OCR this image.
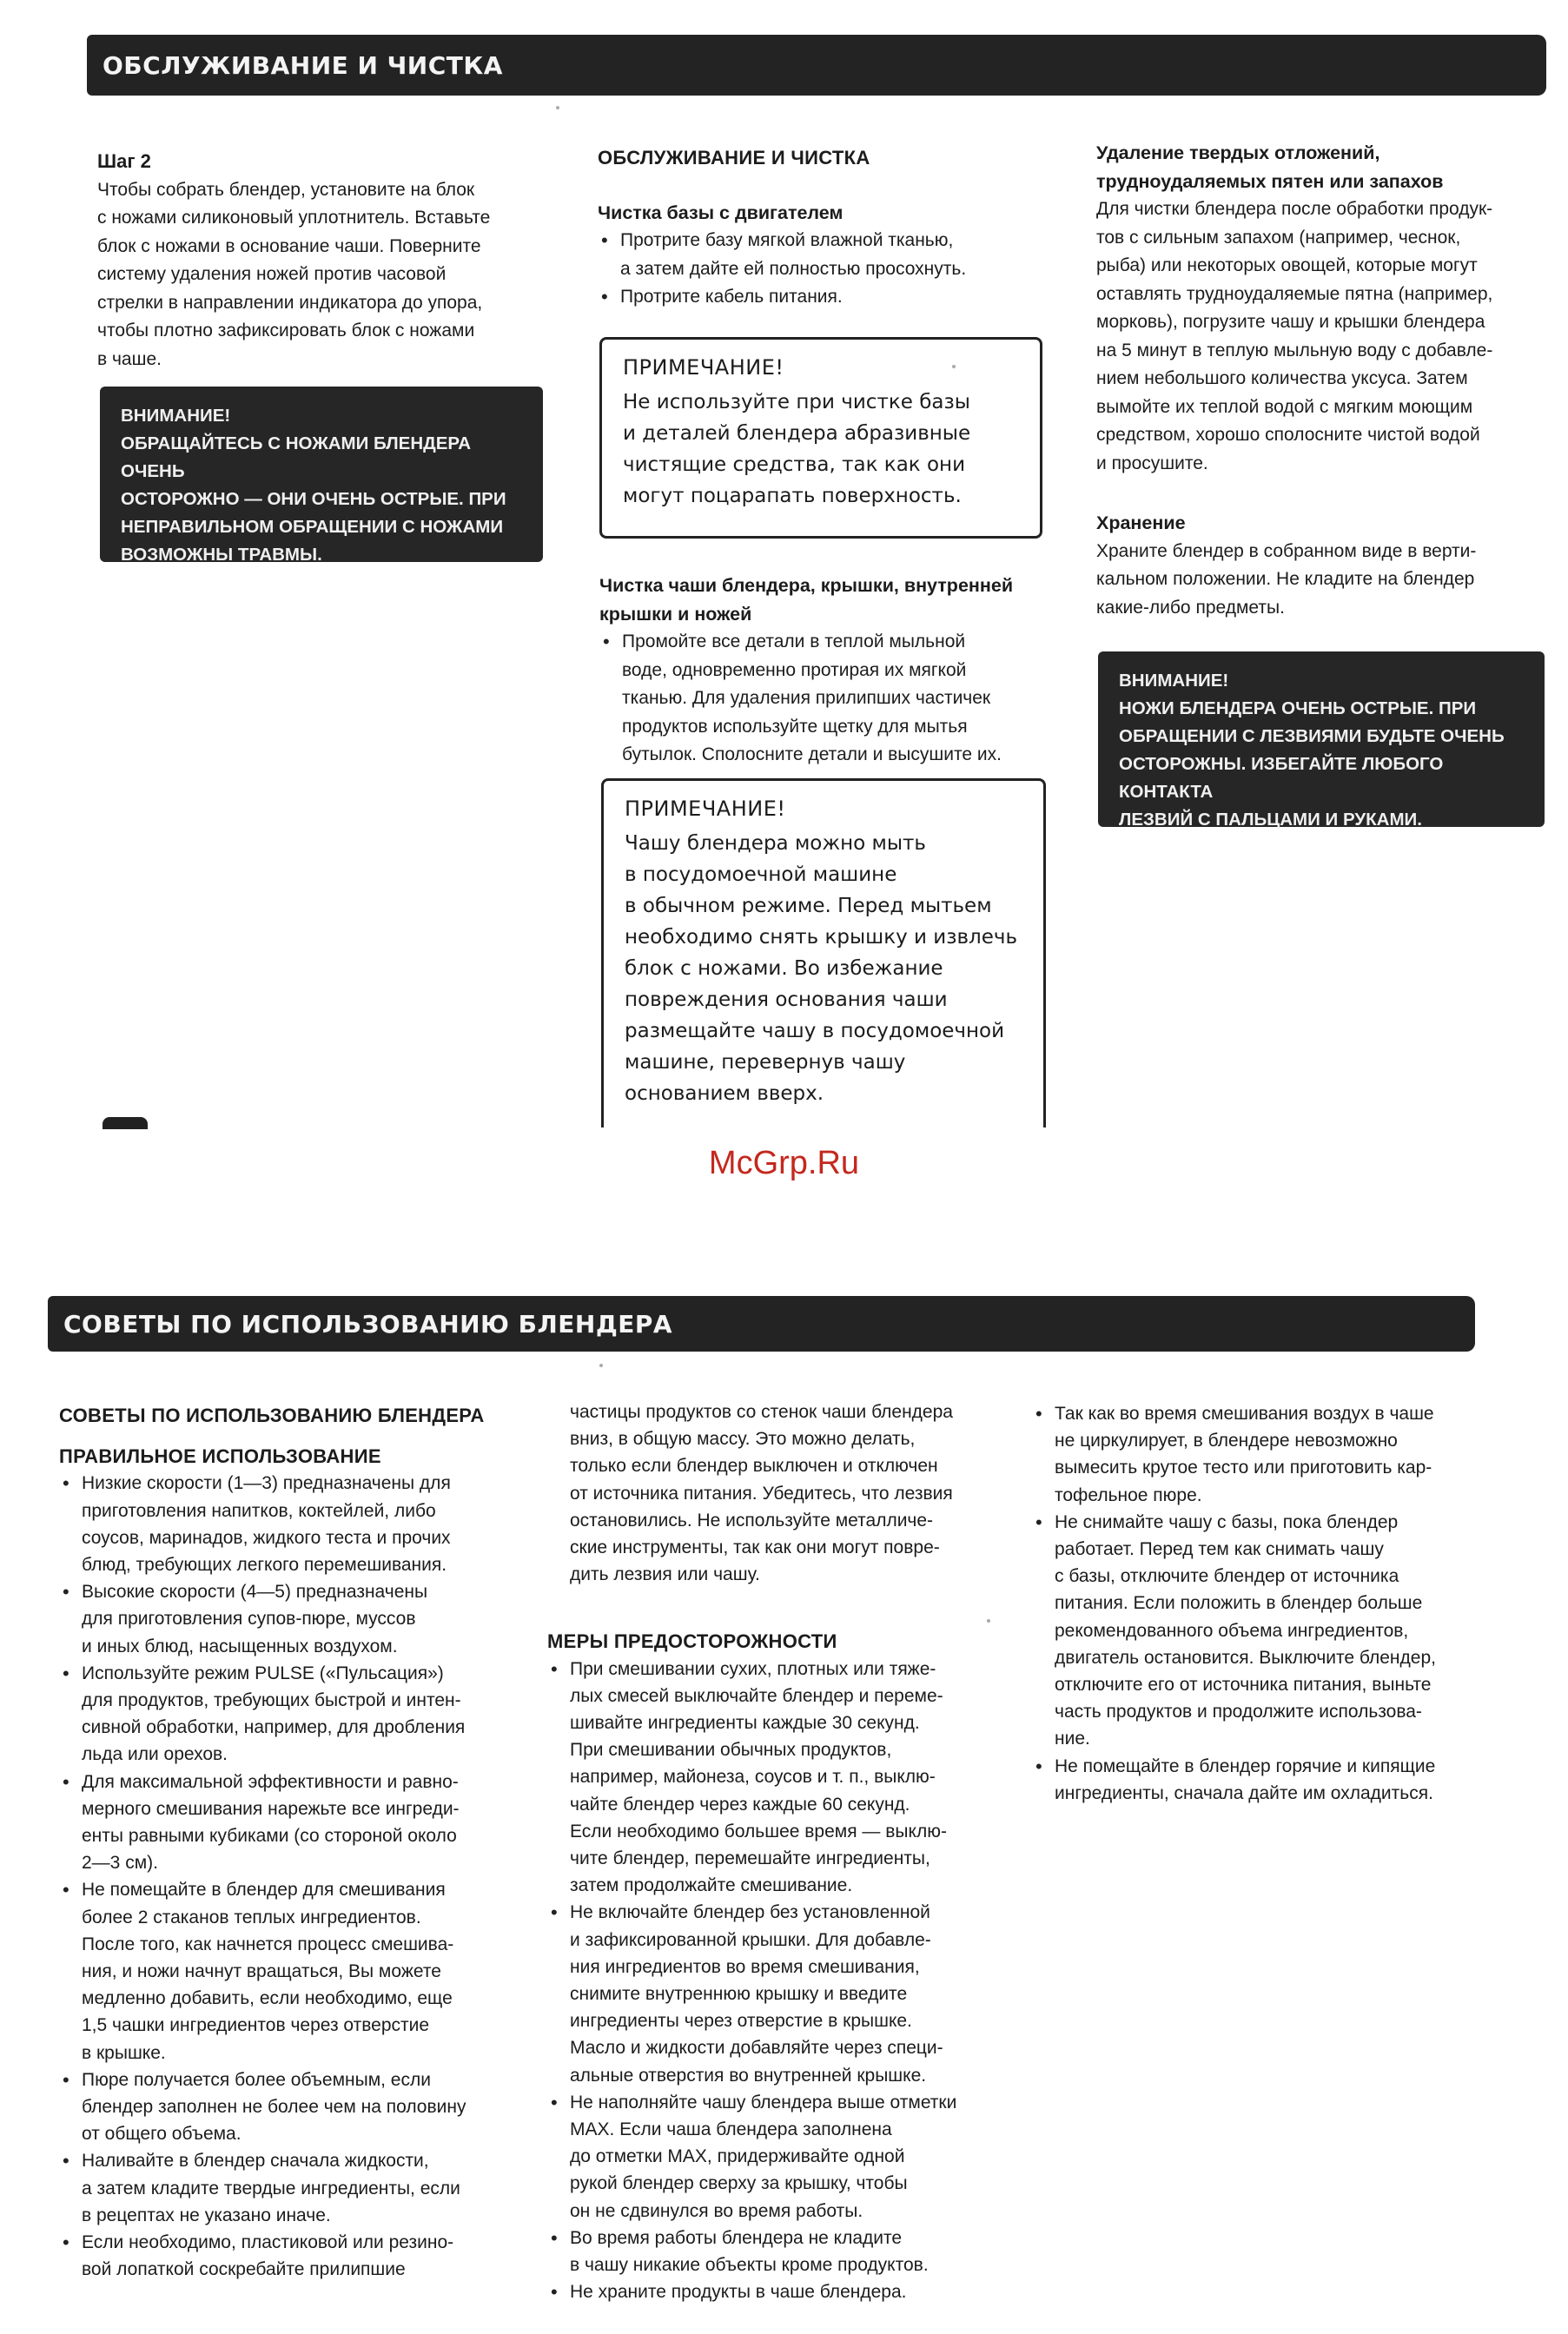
ОБСЛУЖИВАНИЕ И ЧИСТКА
Шаг 2

Чтобы собрать блендер, установите на блок

с ножами силиконовый уплотнитель. Вставьте

блок с ножами в основание чаши. Поверните

систему удаления ножей против часовой

стрелки в направлении индикатора до упора,

чтобы плотно зафиксировать блок с ножами

в чаше.

ВНИМАНИЕ!

ОБРАЩАЙТЕСЬ С НОЖАМИ БЛЕНДЕРА ОЧЕНЬ

ОСТОРОЖНО — ОНИ ОЧЕНЬ ОСТРЫЕ. ПРИ

НЕПРАВИЛЬНОМ ОБРАЩЕНИИ С НОЖАМИ

ВОЗМОЖНЫ ТРАВМЫ.

ОБСЛУЖИВАНИЕ И ЧИСТКА
Чистка базы с двигателем

• Протрите базу мягкой влажной тканью,

а затем дайте ей полностью просохнуть.

• Протрите кабель питания.

ПРИМЕЧАНИЕ!

Не используйте при чистке базы

и деталей блендера абразивные

чистящие средства, так как они

могут поцарапать поверхность.

Чистка чаши блендера, крышки, внутренней

крышки и ножей

• Промойте все детали в теплой мыльной

воде, одновременно протирая их мягкой

тканью. Для удаления прилипших частичек

продуктов используйте щетку для мытья

бутылок. Сполосните детали и высушите их.

ПРИМЕЧАНИЕ!

Чашу блендера можно мыть

в посудомоечной машине

в обычном режиме. Перед мытьем

необходимо снять крышку и извлечь

блок с ножами. Во избежание

повреждения основания чаши

размещайте чашу в посудомоечной

машине, перевернув чашу

основанием вверх.

Удаление твердых отложений,

трудноудаляемых пятен или запахов

Для чистки блендера после обработки продук-

тов с сильным запахом (например, чеснок,

рыба) или некоторых овощей, которые могут

оставлять трудноудаляемые пятна (например,

морковь), погрузите чашу и крышки блендера

на 5 минут в теплую мыльную воду с добавле-

нием небольшого количества уксуса. Затем

вымойте их теплой водой с мягким моющим

средством, хорошо сполосните чистой водой

и просушите.

Хранение

Храните блендер в собранном виде в верти-

кальном положении. Не кладите на блендер

какие-либо предметы.

ВНИМАНИЕ!

НОЖИ БЛЕНДЕРА ОЧЕНЬ ОСТРЫЕ. ПРИ

ОБРАЩЕНИИ С ЛЕЗВИЯМИ БУДЬТЕ ОЧЕНЬ

ОСТОРОЖНЫ. ИЗБЕГАЙТЕ ЛЮБОГО КОНТАКТА

ЛЕЗВИЙ С ПАЛЬЦАМИ И РУКАМИ.

McGrp.Ru
СОВЕТЫ ПО ИСПОЛЬЗОВАНИЮ БЛЕНДЕРА
СОВЕТЫ ПО ИСПОЛЬЗОВАНИЮ БЛЕНДЕРА
ПРАВИЛЬНОЕ ИСПОЛЬЗОВАНИЕ

• Низкие скорости (1—3) предназначены для

приготовления напитков, коктейлей, либо

соусов, маринадов, жидкого теста и прочих

блюд, требующих легкого перемешивания.

• Высокие скорости (4—5) предназначены

для приготовления супов-пюре, муссов

и иных блюд, насыщенных воздухом.

• Используйте режим PULSE («Пульсация»)

для продуктов, требующих быстрой и интен-

сивной обработки, например, для дробления

льда или орехов.

• Для максимальной эффективности и равно-

мерного смешивания нарежьте все ингреди-

енты равными кубиками (со стороной около

2—3 см).

• Не помещайте в блендер для смешивания

более 2 стаканов теплых ингредиентов.

После того, как начнется процесс смешива-

ния, и ножи начнут вращаться, Вы можете

медленно добавить, если необходимо, еще

1,5 чашки ингредиентов через отверстие

в крышке.

• Пюре получается более объемным, если

блендер заполнен не более чем на половину

от общего объема.

• Наливайте в блендер сначала жидкости,

а затем кладите твердые ингредиенты, если

в рецептах не указано иначе.

• Если необходимо, пластиковой или резино-

вой лопаткой соскребайте прилипшие

частицы продуктов со стенок чаши блендера

вниз, в общую массу. Это можно делать,

только если блендер выключен и отключен

от источника питания. Убедитесь, что лезвия

остановились. Не используйте металличе-

ские инструменты, так как они могут повре-

дить лезвия или чашу.

МЕРЫ ПРЕДОСТОРОЖНОСТИ

• При смешивании сухих, плотных или тяже-

лых смесей выключайте блендер и переме-

шивайте ингредиенты каждые 30 секунд.

При смешивании обычных продуктов,

например, майонеза, соусов и т. п., выклю-

чайте блендер через каждые 60 секунд.

Если необходимо большее время — выклю-

чите блендер, перемешайте ингредиенты,

затем продолжайте смешивание.

• Не включайте блендер без установленной

и зафиксированной крышки. Для добавле-

ния ингредиентов во время смешивания,

снимите внутреннюю крышку и введите

ингредиенты через отверстие в крышке.

Масло и жидкости добавляйте через специ-

альные отверстия во внутренней крышке.

• Не наполняйте чашу блендера выше отметки

MAX. Если чаша блендера заполнена

до отметки MAX, придерживайте одной

рукой блендер сверху за крышку, чтобы

он не сдвинулся во время работы.

• Во время работы блендера не кладите

в чашу никакие объекты кроме продуктов.

• Не храните продукты в чаше блендера.

• Так как во время смешивания воздух в чаше

не циркулирует, в блендере невозможно

вымесить крутое тесто или приготовить кар-

тофельное пюре.

• Не снимайте чашу с базы, пока блендер

работает. Перед тем как снимать чашу

с базы, отключите блендер от источника

питания. Если положить в блендер больше

рекомендованного объема ингредиентов,

двигатель остановится. Выключите блендер,

отключите его от источника питания, выньте

часть продуктов и продолжите использова-

ние.

• Не помещайте в блендер горячие и кипящие

ингредиенты, сначала дайте им охладиться.
